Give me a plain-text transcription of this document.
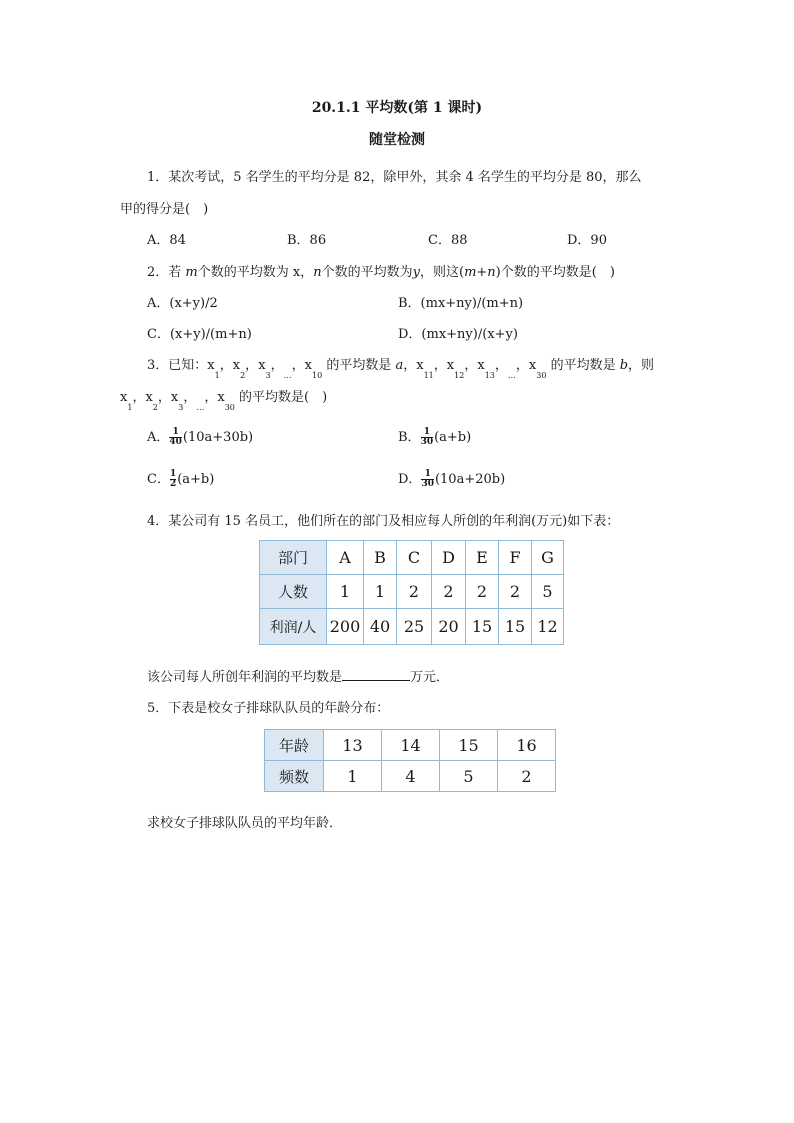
20.1.1 平均数(第 1 课时)
随堂检测
1．某次考试，5 名学生的平均分是 82，除甲外，其余 4 名学生的平均分是 80，那么
甲的得分是(　)
A．84	B．86	C．88	D．90
2．若 m个数的平均数为 x，n个数的平均数为y，则这(m+n)个数的平均数是(　)
A．(x+y)/2	B．(mx+ny)/(m+n)
C．(x+y)/(m+n)	D．(mx+ny)/(x+y)
3．已知：$x_1$，$x_2$，$x_3$，$_\dots$，$x_{10}$ 的平均数是 a，$x_{11}$，$x_{12}$，$x_{13}$，$_\dots$，$x_{30}$ 的平均数是 b，则
$x_1$，$x_2$，$x_3$，$_\dots$，$x_{30}$ 的平均数是(　)
A． $\frac{1}{40} (10a+30b)$	B． $\frac{1}{30} (a+b)$
C． $\frac{1}{2} (a+b)$	D． $\frac{1}{30} (10a+20b)$
4．某公司有 15 名员工，他们所在的部门及相应每人所创的年利润(万元)如下表：
部门	A	B	C	D	E	F	G
人数	1	1	2	2	2	2	5
利润/人	200	40	25	20	15	15	12
该公司每人所创年利润的平均数是	万元．
5．下表是校女子排球队队员的年龄分布：
年龄	13	14	15	16
频数	1	4	5	2
求校女子排球队队员的平均年龄．
